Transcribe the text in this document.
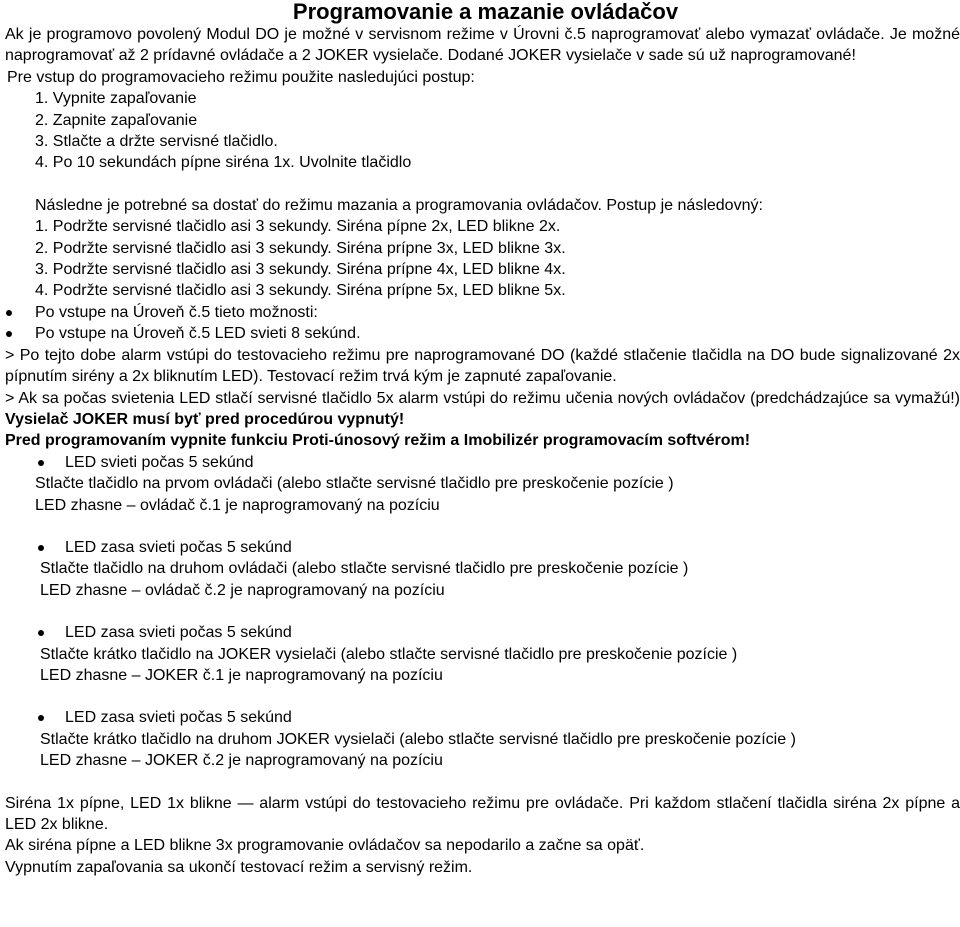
Programovanie a mazanie ovládačov

Ak je programovo povolený Modul DO je možné v servisnom režime v Úrovni č.5 naprogramovať alebo vymazať ovládače. Je možné naprogramovať až 2 prídavné ovládače a 2 JOKER vysielače. Dodané JOKER vysielače v sade sú už naprogramované!

Pre vstup do programovacieho režimu použite nasledujúci postup:

1. Vypnite zapaľovanie

2. Zapnite zapaľovanie

3. Stlačte a držte servisné tlačidlo.

4. Po 10 sekundách pípne siréna 1x. Uvolnite tlačidlo

Následne je potrebné sa dostať do režimu mazania a programovania ovládačov. Postup je následovný:

1. Podržte servisné tlačidlo asi 3 sekundy. Siréna pípne 2x, LED blikne 2x.

2. Podržte servisné tlačidlo asi 3 sekundy. Siréna prípne 3x, LED blikne 3x.

3. Podržte servisné tlačidlo asi 3 sekundy. Siréna prípne 4x, LED blikne 4x.

4. Podržte servisné tlačidlo asi 3 sekundy. Siréna prípne 5x, LED blikne 5x.

Po vstupe na Úroveň č.5 tieto možnosti:

Po vstupe na Úroveň č.5 LED svieti 8 sekúnd.

> Po tejto dobe alarm vstúpi do testovacieho režimu pre naprogramované DO (každé stlačenie tlačidla na DO bude signalizované 2x pípnutím sirény a 2x bliknutím LED). Testovací režim trvá kým je zapnuté zapaľovanie.

> Ak sa počas svietenia LED stlačí servisné tlačidlo 5x alarm vstúpi do režimu učenia nových ovládačov (predchádzajúce sa vymažú!) Vysielač JOKER musí byť pred procedúrou vypnutý!

Pred programovaním vypnite funkciu Proti-únosový režim a Imobilizér programovacím softvérom!

LED svieti počas 5 sekúnd

Stlačte tlačidlo na prvom ovládači (alebo stlačte servisné tlačidlo pre preskočenie pozície )

LED zhasne – ovládač č.1 je naprogramovaný na pozíciu

LED zasa svieti počas 5 sekúnd

Stlačte tlačidlo na druhom ovládači (alebo stlačte servisné tlačidlo pre preskočenie pozície )

LED zhasne – ovládač č.2 je naprogramovaný na pozíciu

LED zasa svieti počas 5 sekúnd

Stlačte krátko tlačidlo na JOKER vysielači (alebo stlačte servisné tlačidlo pre preskočenie pozície )

LED zhasne – JOKER č.1 je naprogramovaný na pozíciu

LED zasa svieti počas 5 sekúnd

Stlačte krátko tlačidlo na druhom JOKER vysielači (alebo stlačte servisné tlačidlo pre preskočenie pozície )

LED zhasne – JOKER č.2 je naprogramovaný na pozíciu

Siréna 1x pípne, LED 1x blikne — alarm vstúpi do testovacieho režimu pre ovládače. Pri každom stlačení tlačidla siréna 2x pípne a LED 2x blikne.

Ak siréna pípne a LED blikne 3x programovanie ovládačov sa nepodarilo a začne sa opäť.

Vypnutím zapaľovania sa ukončí testovací režim a servisný režim.
